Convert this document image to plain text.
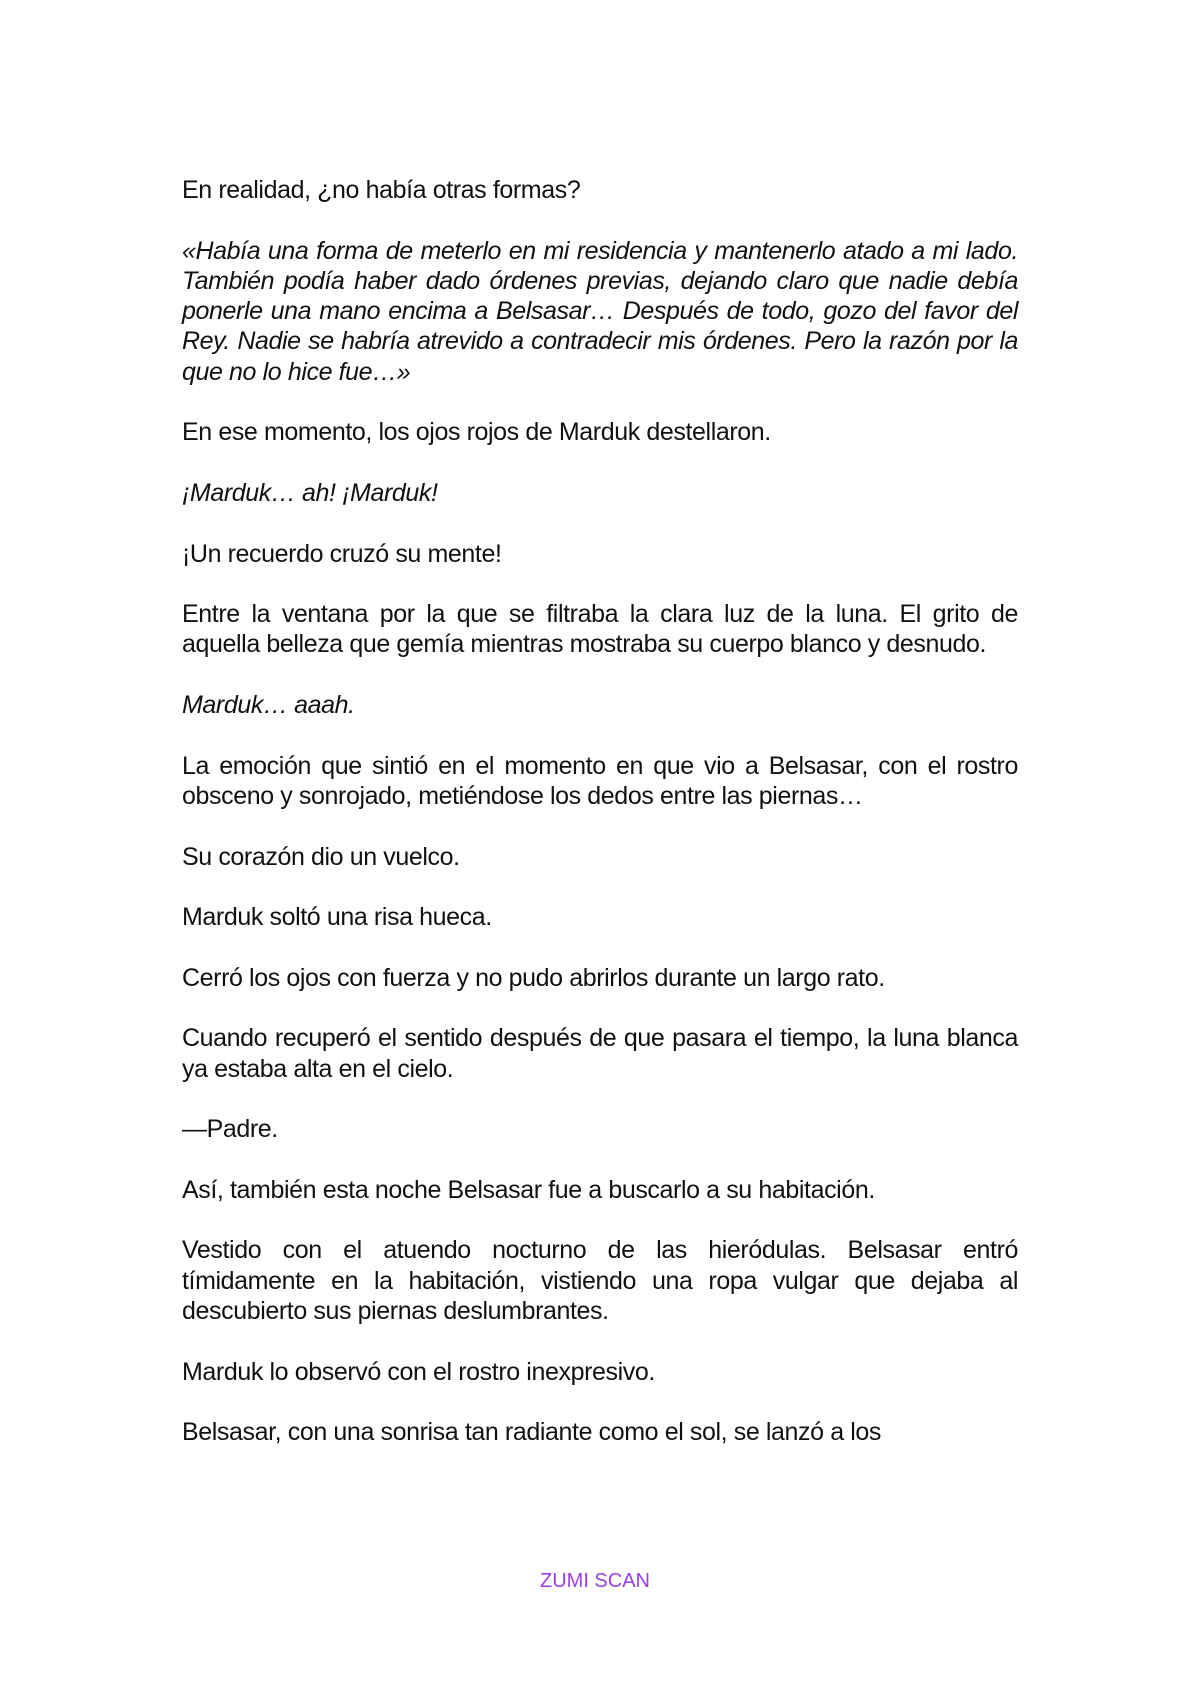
En realidad, ¿no había otras formas?

«Había una forma de meterlo en mi residencia y mantenerlo atado a mi lado. También podía haber dado órdenes previas, dejando claro que nadie debía ponerle una mano encima a Belsasar… Después de todo, gozo del favor del Rey. Nadie se habría atrevido a contradecir mis órdenes. Pero la razón por la que no lo hice fue…»

En ese momento, los ojos rojos de Marduk destellaron.

¡Marduk… ah! ¡Marduk!

¡Un recuerdo cruzó su mente!

Entre la ventana por la que se filtraba la clara luz de la luna. El grito de aquella belleza que gemía mientras mostraba su cuerpo blanco y desnudo.

Marduk… aaah.

La emoción que sintió en el momento en que vio a Belsasar, con el rostro obsceno y sonrojado, metiéndose los dedos entre las piernas…

Su corazón dio un vuelco.

Marduk soltó una risa hueca.

Cerró los ojos con fuerza y no pudo abrirlos durante un largo rato.

Cuando recuperó el sentido después de que pasara el tiempo, la luna blanca ya estaba alta en el cielo.

—Padre.

Así, también esta noche Belsasar fue a buscarlo a su habitación.

Vestido con el atuendo nocturno de las hieródulas. Belsasar entró tímidamente en la habitación, vistiendo una ropa vulgar que dejaba al descubierto sus piernas deslumbrantes.

Marduk lo observó con el rostro inexpresivo.

Belsasar, con una sonrisa tan radiante como el sol, se lanzó a los

ZUMI SCAN
